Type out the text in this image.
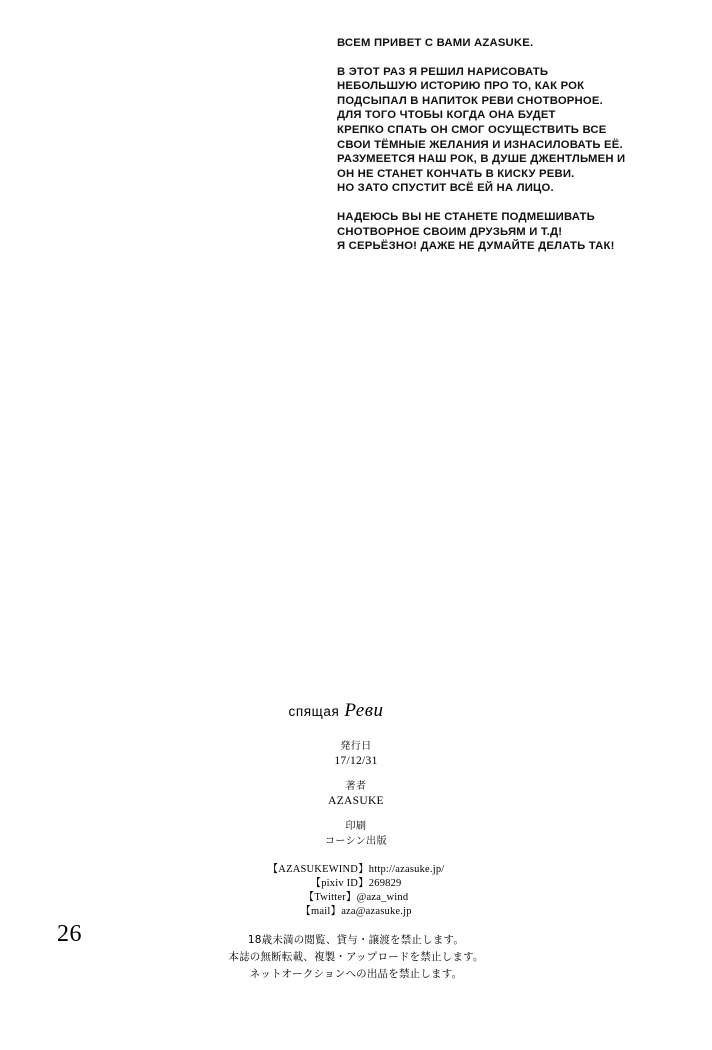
ВСЕМ ПРИВЕТ С ВАМИ AZASUKE.

В ЭТОТ РАЗ Я РЕШИЛ НАРИСОВАТЬ
НЕБОЛЬШУЮ ИСТОРИЮ ПРО ТО, КАК РОК
ПОДСЫПАЛ В НАПИТОК РЕВИ СНОТВОРНОЕ.
ДЛЯ ТОГО ЧТОБЫ КОГДА ОНА БУДЕТ
КРЕПКО СПАТЬ ОН СМОГ ОСУЩЕСТВИТЬ ВСЕ
СВОИ ТЁМНЫЕ ЖЕЛАНИЯ И ИЗНАСИЛОВАТЬ ЕЁ.
РАЗУМЕЕТСЯ НАШ РОК, В ДУШЕ ДЖЕНТЛЬМЕН И
ОН НЕ СТАНЕТ КОНЧАТЬ В КИСКУ РЕВИ.
НО ЗАТО СПУСТИТ ВСЁ ЕЙ НА ЛИЦО.

НАДЕЮСЬ ВЫ НЕ СТАНЕТЕ ПОДМЕШИВАТЬ
СНОТВОРНОЕ СВОИМ ДРУЗЬЯМ И Т.Д!
Я СЕРЬЁЗНО! ДАЖЕ НЕ ДУМАЙТЕ ДЕЛАТЬ ТАК!

спящая Реви
発行日
17/12/31
著者
AZASUKE
印刷
コーシン出版
【AZASUKEWIND】http://azasuke.jp/
【pixiv ID】269829
【Twitter】@aza_wind
【mail】aza@azasuke.jp
18歳未満の閲覧、貸与・譲渡を禁止します。
本誌の無断転載、複製・アップロードを禁止します。
ネットオークションへの出品を禁止します。
26
